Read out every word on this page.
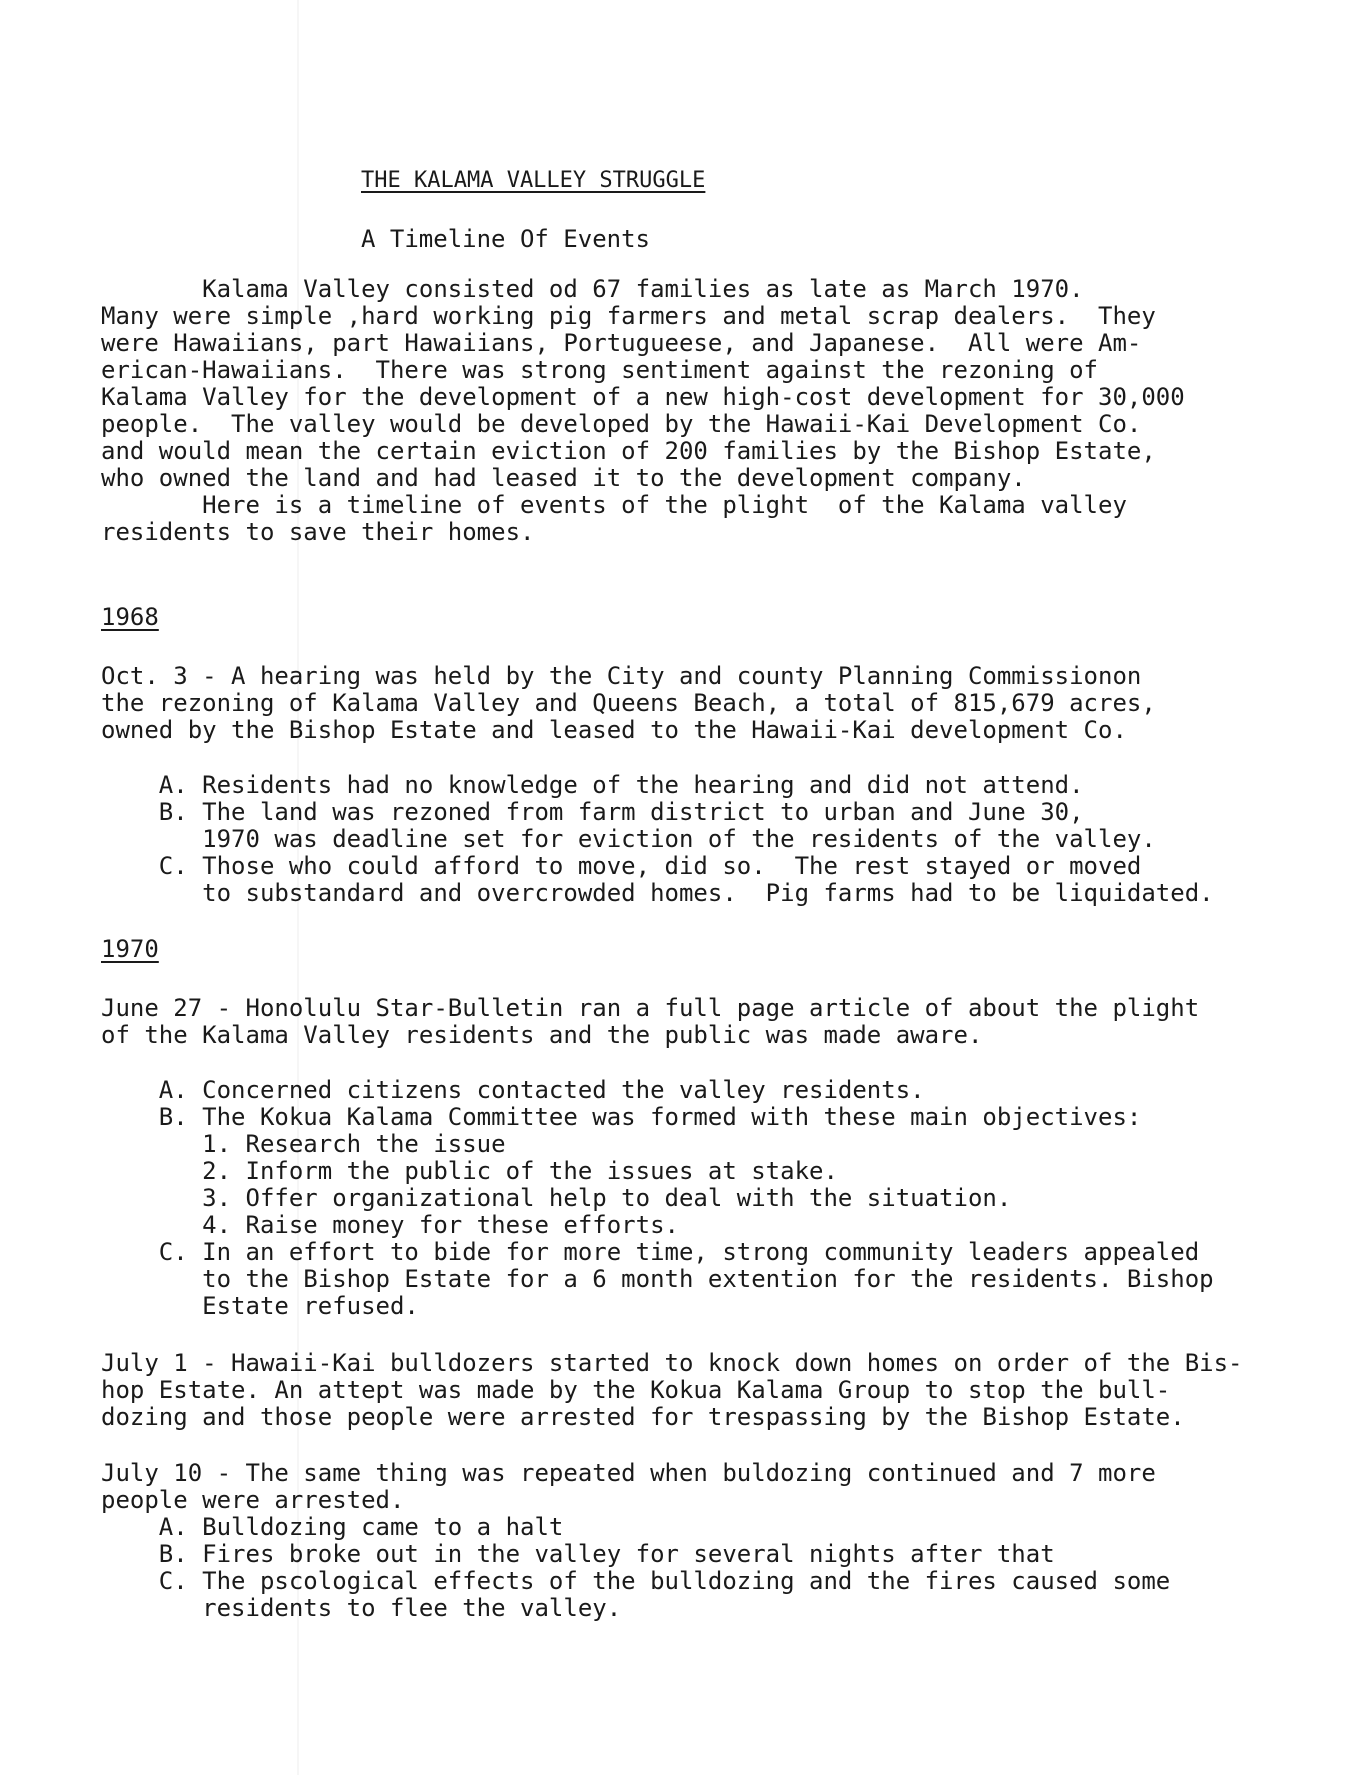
THE KALAMA VALLEY STRUGGLE
A Timeline Of Events

Kalama Valley consisted od 67 families as late as March 1970.

Many were simple ,hard working pig farmers and metal scrap dealers.  They

were Hawaiians, part Hawaiians, Portugueese, and Japanese.  All were Am-

erican-Hawaiians.  There was strong sentiment against the rezoning of

Kalama Valley for the development of a new high-cost development for 30,000

people.  The valley would be developed by the Hawaii-Kai Development Co.

and would mean the certain eviction of 200 families by the Bishop Estate,

who owned the land and had leased it to the development company.

Here is a timeline of events of the plight  of the Kalama valley

residents to save their homes.

1968

Oct. 3 - A hearing was held by the City and county Planning Commissionon

the rezoning of Kalama Valley and Queens Beach, a total of 815,679 acres,

owned by the Bishop Estate and leased to the Hawaii-Kai development Co.

A. Residents had no knowledge of the hearing and did not attend.

B. The land was rezoned from farm district to urban and June 30,

1970 was deadline set for eviction of the residents of the valley.

C. Those who could afford to move, did so.  The rest stayed or moved

to substandard and overcrowded homes.  Pig farms had to be liquidated.

1970

June 27 - Honolulu Star-Bulletin ran a full page article of about the plight

of the Kalama Valley residents and the public was made aware.

A. Concerned citizens contacted the valley residents.

B. The Kokua Kalama Committee was formed with these main objectives:

1. Research the issue

2. Inform the public of the issues at stake.

3. Offer organizational help to deal with the situation.

4. Raise money for these efforts.

C. In an effort to bide for more time, strong community leaders appealed

to the Bishop Estate for a 6 month extention for the residents. Bishop

Estate refused.

July 1 - Hawaii-Kai bulldozers started to knock down homes on order of the Bis-

hop Estate. An attept was made by the Kokua Kalama Group to stop the bull-

dozing and those people were arrested for trespassing by the Bishop Estate.

July 10 - The same thing was repeated when buldozing continued and 7 more

people were arrested.

A. Bulldozing came to a halt

B. Fires broke out in the valley for several nights after that

C. The pscological effects of the bulldozing and the fires caused some

residents to flee the valley.
